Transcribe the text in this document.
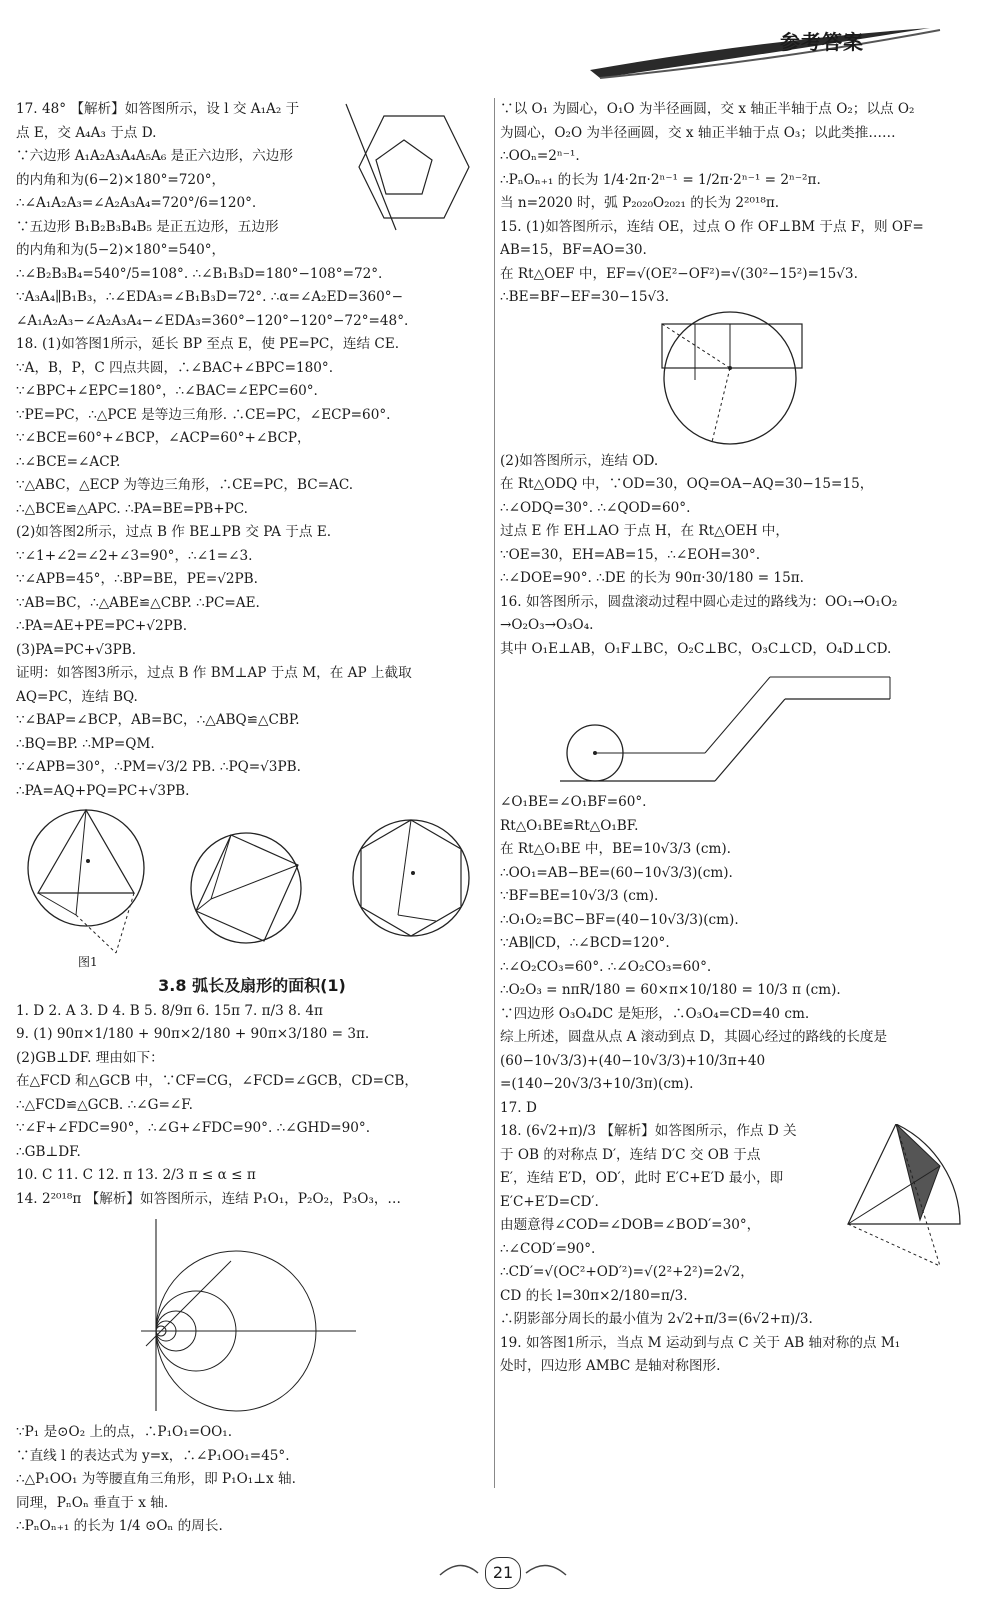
参考答案
17. 48° 【解析】如答图所示，设 l 交 A₁A₂ 于
点 E，交 A₄A₃ 于点 D.
∵六边形 A₁A₂A₃A₄A₅A₆ 是正六边形，六边形
的内角和为(6−2)×180°=720°，
∴∠A₁A₂A₃=∠A₂A₃A₄=720°/6=120°.
∵五边形 B₁B₂B₃B₄B₅ 是正五边形，五边形
的内角和为(5−2)×180°=540°，
∴∠B₂B₃B₄=540°/5=108°. ∴∠B₁B₃D=180°−108°=72°.
∵A₃A₄∥B₁B₃，∴∠EDA₃=∠B₁B₃D=72°. ∴α=∠A₂ED=360°−
∠A₁A₂A₃−∠A₂A₃A₄−∠EDA₃=360°−120°−120°−72°=48°.
18. (1)如答图1所示，延长 BP 至点 E，使 PE=PC，连结 CE.
∵A，B，P，C 四点共圆，∴∠BAC+∠BPC=180°.
∵∠BPC+∠EPC=180°，∴∠BAC=∠EPC=60°.
∵PE=PC，∴△PCE 是等边三角形. ∴CE=PC，∠ECP=60°.
∵∠BCE=60°+∠BCP，∠ACP=60°+∠BCP，
∴∠BCE=∠ACP.
∵△ABC，△ECP 为等边三角形，∴CE=PC，BC=AC.
∴△BCE≌△APC. ∴PA=BE=PB+PC.
(2)如答图2所示，过点 B 作 BE⊥PB 交 PA 于点 E.
∵∠1+∠2=∠2+∠3=90°，∴∠1=∠3.
∵∠APB=45°，∴BP=BE，PE=√2PB.
∵AB=BC，∴△ABE≌△CBP. ∴PC=AE.
∴PA=AE+PE=PC+√2PB.
(3)PA=PC+√3PB.
证明：如答图3所示，过点 B 作 BM⊥AP 于点 M，在 AP 上截取
AQ=PC，连结 BQ.
∵∠BAP=∠BCP，AB=BC，∴△ABQ≌△CBP.
∴BQ=BP. ∴MP=QM.
∵∠APB=30°，∴PM=√3/2 PB. ∴PQ=√3PB.
∴PA=AQ+PQ=PC+√3PB.
图1
3.8 弧长及扇形的面积(1)
1. D 2. A 3. D 4. B 5. 8/9π 6. 15π 7. π/3 8. 4π
9. (1) 90π×1/180 + 90π×2/180 + 90π×3/180 = 3π.
(2)GB⊥DF. 理由如下：
在△FCD 和△GCB 中，∵CF=CG，∠FCD=∠GCB，CD=CB，
∴△FCD≌△GCB. ∴∠G=∠F.
∵∠F+∠FDC=90°，∴∠G+∠FDC=90°. ∴∠GHD=90°.
∴GB⊥DF.
10. C 11. C 12. π 13. 2/3 π ≤ α ≤ π
14. 2²⁰¹⁸π 【解析】如答图所示，连结 P₁O₁，P₂O₂，P₃O₃，…
∵P₁ 是⊙O₂ 上的点，∴P₁O₁=OO₁.
∵直线 l 的表达式为 y=x，∴∠P₁OO₁=45°.
∴△P₁OO₁ 为等腰直角三角形，即 P₁O₁⊥x 轴.
同理，PₙOₙ 垂直于 x 轴.
∴PₙOₙ₊₁ 的长为 1/4 ⊙Oₙ 的周长.
∵以 O₁ 为圆心，O₁O 为半径画圆，交 x 轴正半轴于点 O₂；以点 O₂
为圆心，O₂O 为半径画圆，交 x 轴正半轴于点 O₃；以此类推……
∴OOₙ=2ⁿ⁻¹.
∴PₙOₙ₊₁ 的长为 1/4·2π·2ⁿ⁻¹ = 1/2π·2ⁿ⁻¹ = 2ⁿ⁻²π.
当 n=2020 时，弧 P₂₀₂₀O₂₀₂₁ 的长为 2²⁰¹⁸π.
15. (1)如答图所示，连结 OE，过点 O 作 OF⊥BM 于点 F，则 OF=
AB=15，BF=AO=30.
在 Rt△OEF 中，EF=√(OE²−OF²)=√(30²−15²)=15√3.
∴BE=BF−EF=30−15√3.
(2)如答图所示，连结 OD.
在 Rt△ODQ 中，∵OD=30，OQ=OA−AQ=30−15=15，
∴∠ODQ=30°. ∴∠QOD=60°.
过点 E 作 EH⊥AO 于点 H，在 Rt△OEH 中，
∵OE=30，EH=AB=15，∴∠EOH=30°.
∴∠DOE=90°. ∴DE 的长为 90π·30/180 = 15π.
16. 如答图所示，圆盘滚动过程中圆心走过的路线为：OO₁→O₁O₂
→O₂O₃→O₃O₄.
其中 O₁E⊥AB，O₁F⊥BC，O₂C⊥BC，O₃C⊥CD，O₄D⊥CD.
∠O₁BE=∠O₁BF=60°.
Rt△O₁BE≌Rt△O₁BF.
在 Rt△O₁BE 中，BE=10√3/3 (cm).
∴OO₁=AB−BE=(60−10√3/3)(cm).
∵BF=BE=10√3/3 (cm).
∴O₁O₂=BC−BF=(40−10√3/3)(cm).
∵AB∥CD，∴∠BCD=120°.
∴∠O₂CO₃=60°. ∴∠O₂CO₃=60°.
∴O₂O₃ = nπR/180 = 60×π×10/180 = 10/3 π (cm).
∵四边形 O₃O₄DC 是矩形，∴O₃O₄=CD=40 cm.
综上所述，圆盘从点 A 滚动到点 D，其圆心经过的路线的长度是
(60−10√3/3)+(40−10√3/3)+10/3π+40
=(140−20√3/3+10/3π)(cm).
17. D
18. (6√2+π)/3 【解析】如答图所示，作点 D 关
于 OB 的对称点 D′，连结 D′C 交 OB 于点
E′，连结 E′D，OD′，此时 E′C+E′D 最小，即
E′C+E′D=CD′.
由题意得∠COD=∠DOB=∠BOD′=30°，
∴∠COD′=90°.
∴CD′=√(OC²+OD′²)=√(2²+2²)=2√2，
CD 的长 l=30π×2/180=π/3.
∴阴影部分周长的最小值为 2√2+π/3=(6√2+π)/3.
19. 如答图1所示，当点 M 运动到与点 C 关于 AB 轴对称的点 M₁
处时，四边形 AMBC 是轴对称图形.
21
